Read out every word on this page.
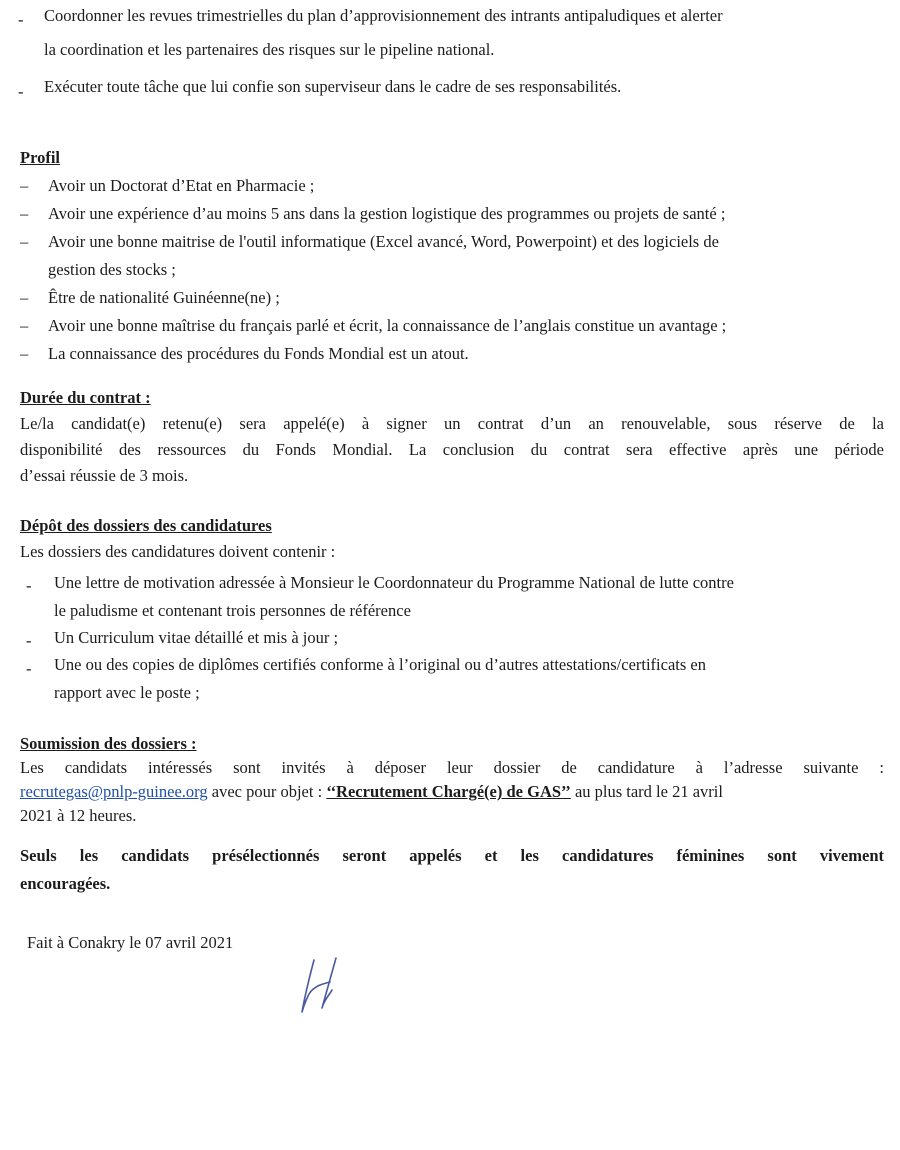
- Coordonner les revues trimestrielles du plan d’approvisionnement des intrants antipaludiques et alerter
la coordination et les partenaires des risques sur le pipeline national.
- Exécuter toute tâche que lui confie son superviseur dans le cadre de ses responsabilités.
Profil
– Avoir un Doctorat d’Etat en Pharmacie ;
– Avoir une expérience d’au moins 5 ans dans la gestion logistique des programmes ou projets de santé ;
– Avoir une bonne maitrise de l'outil informatique (Excel avancé, Word, Powerpoint) et des logiciels de
gestion des stocks ;
– Être de nationalité Guinéenne(ne) ;
– Avoir une bonne maîtrise du français parlé et écrit, la connaissance de l’anglais constitue un avantage ;
– La connaissance des procédures du Fonds Mondial est un atout.
Durée du contrat :
Le/la candidat(e) retenu(e) sera appelé(e) à signer un contrat d’un an renouvelable, sous réserve de la
disponibilité des ressources du Fonds Mondial. La conclusion du contrat sera effective après une période
d’essai réussie de 3 mois.
Dépôt des dossiers des candidatures
Les dossiers des candidatures doivent contenir :
- Une lettre de motivation adressée à Monsieur le Coordonnateur du Programme National de lutte contre
le paludisme et contenant trois personnes de référence
- Un Curriculum vitae détaillé et mis à jour ;
- Une ou des copies de diplômes certifiés conforme à l’original ou d’autres attestations/certificats en
rapport avec le poste ;
Soumission des dossiers :
Les candidats intéressés sont invités à déposer leur dossier de candidature à l’adresse suivante :
recrutegas@pnlp-guinee.org avec pour objet : ‘‘Recrutement Chargé(e) de GAS’’ au plus tard le 21 avril
2021 à 12 heures.
Seuls les candidats présélectionnés seront appelés et les candidatures féminines sont vivement
encouragées.
Fait à Conakry le 07 avril 2021
